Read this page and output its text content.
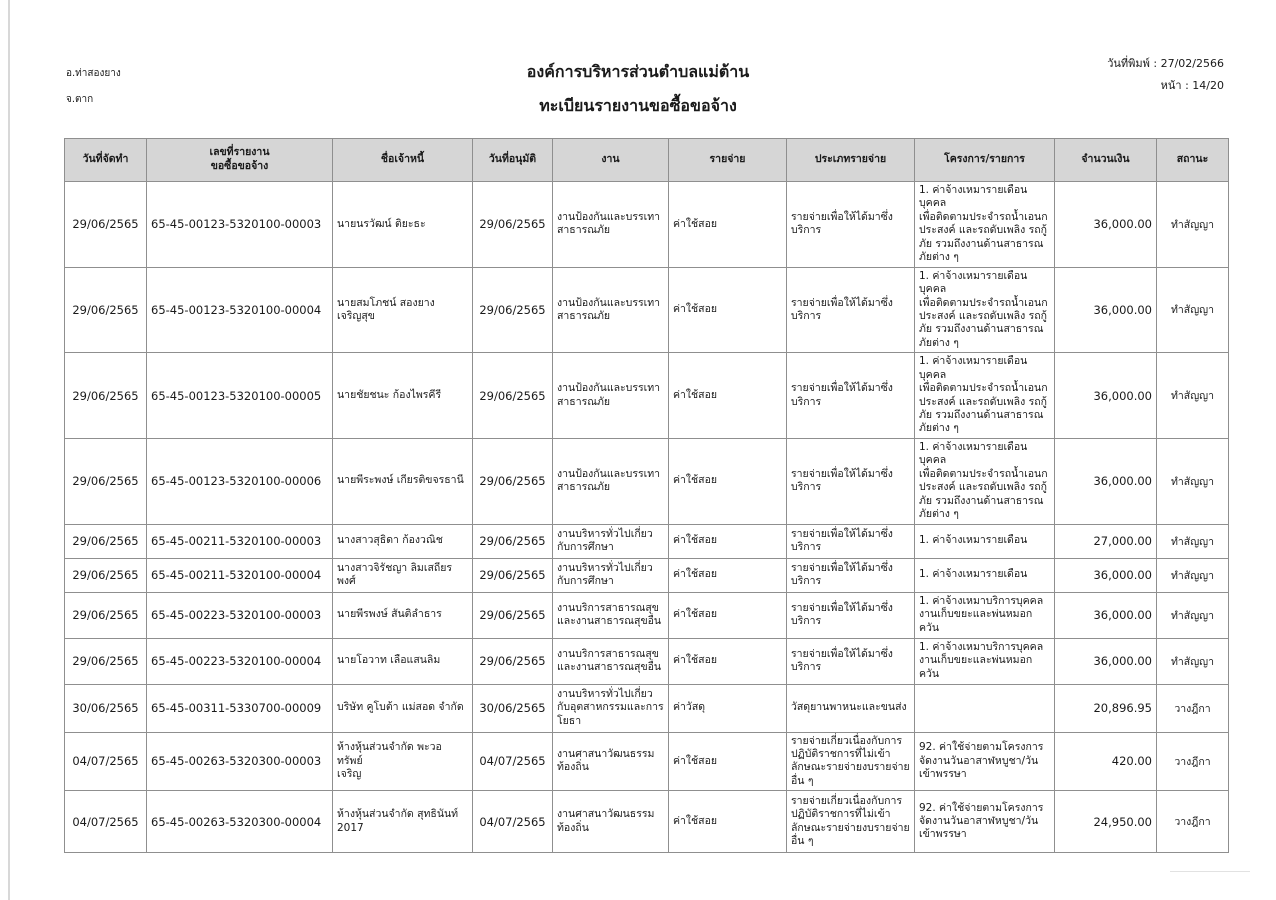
อ.ท่าสองยาง
จ.ตาก
องค์การบริหารส่วนตำบลแม่ต้าน
ทะเบียนรายงานขอซื้อขอจ้าง
วันที่พิมพ์ : 27/02/2566
หน้า : 14/20
วันที่จัดทำ	เลขที่รายงาน
ขอซื้อขอจ้าง	ชื่อเจ้าหนี้	วันที่อนุมัติ	งาน	รายจ่าย	ประเภทรายจ่าย	โครงการ/รายการ	จำนวนเงิน	สถานะ
29/06/2565	65-45-00123-5320100-00003	นายนรวัฒน์ ติยะธะ	29/06/2565	งานป้องกันและบรรเทา
สาธารณภัย	ค่าใช้สอย	รายจ่ายเพื่อให้ได้มาซึ่ง
บริการ	1. ค่าจ้างเหมารายเดือนบุคคล
เพื่อติดตามประจำรถน้ำเอนก
ประสงค์ และรถดับเพลิง รถกู้
ภัย รวมถึงงานด้านสาธารณ
ภัยต่าง ๆ	36,000.00	ทำสัญญา
29/06/2565	65-45-00123-5320100-00004	นายสมโภชน์ สองยางเจริญสุข	29/06/2565	งานป้องกันและบรรเทา
สาธารณภัย	ค่าใช้สอย	รายจ่ายเพื่อให้ได้มาซึ่ง
บริการ	1. ค่าจ้างเหมารายเดือนบุคคล
เพื่อติดตามประจำรถน้ำเอนก
ประสงค์ และรถดับเพลิง รถกู้
ภัย รวมถึงงานด้านสาธารณ
ภัยต่าง ๆ	36,000.00	ทำสัญญา
29/06/2565	65-45-00123-5320100-00005	นายชัยชนะ ก้องไพรคีรี	29/06/2565	งานป้องกันและบรรเทา
สาธารณภัย	ค่าใช้สอย	รายจ่ายเพื่อให้ได้มาซึ่ง
บริการ	1. ค่าจ้างเหมารายเดือนบุคคล
เพื่อติดตามประจำรถน้ำเอนก
ประสงค์ และรถดับเพลิง รถกู้
ภัย รวมถึงงานด้านสาธารณ
ภัยต่าง ๆ	36,000.00	ทำสัญญา
29/06/2565	65-45-00123-5320100-00006	นายพีระพงษ์ เกียรติขจรธานี	29/06/2565	งานป้องกันและบรรเทา
สาธารณภัย	ค่าใช้สอย	รายจ่ายเพื่อให้ได้มาซึ่ง
บริการ	1. ค่าจ้างเหมารายเดือนบุคคล
เพื่อติดตามประจำรถน้ำเอนก
ประสงค์ และรถดับเพลิง รถกู้
ภัย รวมถึงงานด้านสาธารณ
ภัยต่าง ๆ	36,000.00	ทำสัญญา
29/06/2565	65-45-00211-5320100-00003	นางสาวสุธิดา ก้องวณิช	29/06/2565	งานบริหารทั่วไปเกี่ยว
กับการศึกษา	ค่าใช้สอย	รายจ่ายเพื่อให้ได้มาซึ่ง
บริการ	1. ค่าจ้างเหมารายเดือน	27,000.00	ทำสัญญา
29/06/2565	65-45-00211-5320100-00004	นางสาวจิรัชญา ลิมเสถียรพงศ์	29/06/2565	งานบริหารทั่วไปเกี่ยว
กับการศึกษา	ค่าใช้สอย	รายจ่ายเพื่อให้ได้มาซึ่ง
บริการ	1. ค่าจ้างเหมารายเดือน	36,000.00	ทำสัญญา
29/06/2565	65-45-00223-5320100-00003	นายพีรพงษ์ สันติลำธาร	29/06/2565	งานบริการสาธารณสุข
และงานสาธารณสุขอื่น	ค่าใช้สอย	รายจ่ายเพื่อให้ได้มาซึ่ง
บริการ	1. ค่าจ้างเหมาบริการบุคคล
งานเก็บขยะและพ่นหมอก
ควัน	36,000.00	ทำสัญญา
29/06/2565	65-45-00223-5320100-00004	นายโอวาท เลือแสนลิม	29/06/2565	งานบริการสาธารณสุข
และงานสาธารณสุขอื่น	ค่าใช้สอย	รายจ่ายเพื่อให้ได้มาซึ่ง
บริการ	1. ค่าจ้างเหมาบริการบุคคล
งานเก็บขยะและพ่นหมอก
ควัน	36,000.00	ทำสัญญา
30/06/2565	65-45-00311-5330700-00009	บริษัท คูโบต้า แม่สอด จำกัด	30/06/2565	งานบริหารทั่วไปเกี่ยว
กับอุตสาหกรรมและการ
โยธา	ค่าวัสดุ	วัสดุยานพาหนะและขนส่ง		20,896.95	วางฎีกา
04/07/2565	65-45-00263-5320300-00003	ห้างหุ้นส่วนจำกัด พะวอ ทรัพย์
เจริญ	04/07/2565	งานศาสนาวัฒนธรรม
ท้องถิ่น	ค่าใช้สอย	รายจ่ายเกี่ยวเนื่องกับการ
ปฏิบัติราชการที่ไม่เข้า
ลักษณะรายจ่ายงบรายจ่าย
อื่น ๆ	92. ค่าใช้จ่ายตามโครงการ
จัดงานวันอาสาฬหบูชา/วัน
เข้าพรรษา	420.00	วางฎีกา
04/07/2565	65-45-00263-5320300-00004	ห้างหุ้นส่วนจำกัด สุทธินันท์
2017	04/07/2565	งานศาสนาวัฒนธรรม
ท้องถิ่น	ค่าใช้สอย	รายจ่ายเกี่ยวเนื่องกับการ
ปฏิบัติราชการที่ไม่เข้า
ลักษณะรายจ่ายงบรายจ่าย
อื่น ๆ	92. ค่าใช้จ่ายตามโครงการ
จัดงานวันอาสาฬหบูชา/วัน
เข้าพรรษา	24,950.00	วางฎีกา
